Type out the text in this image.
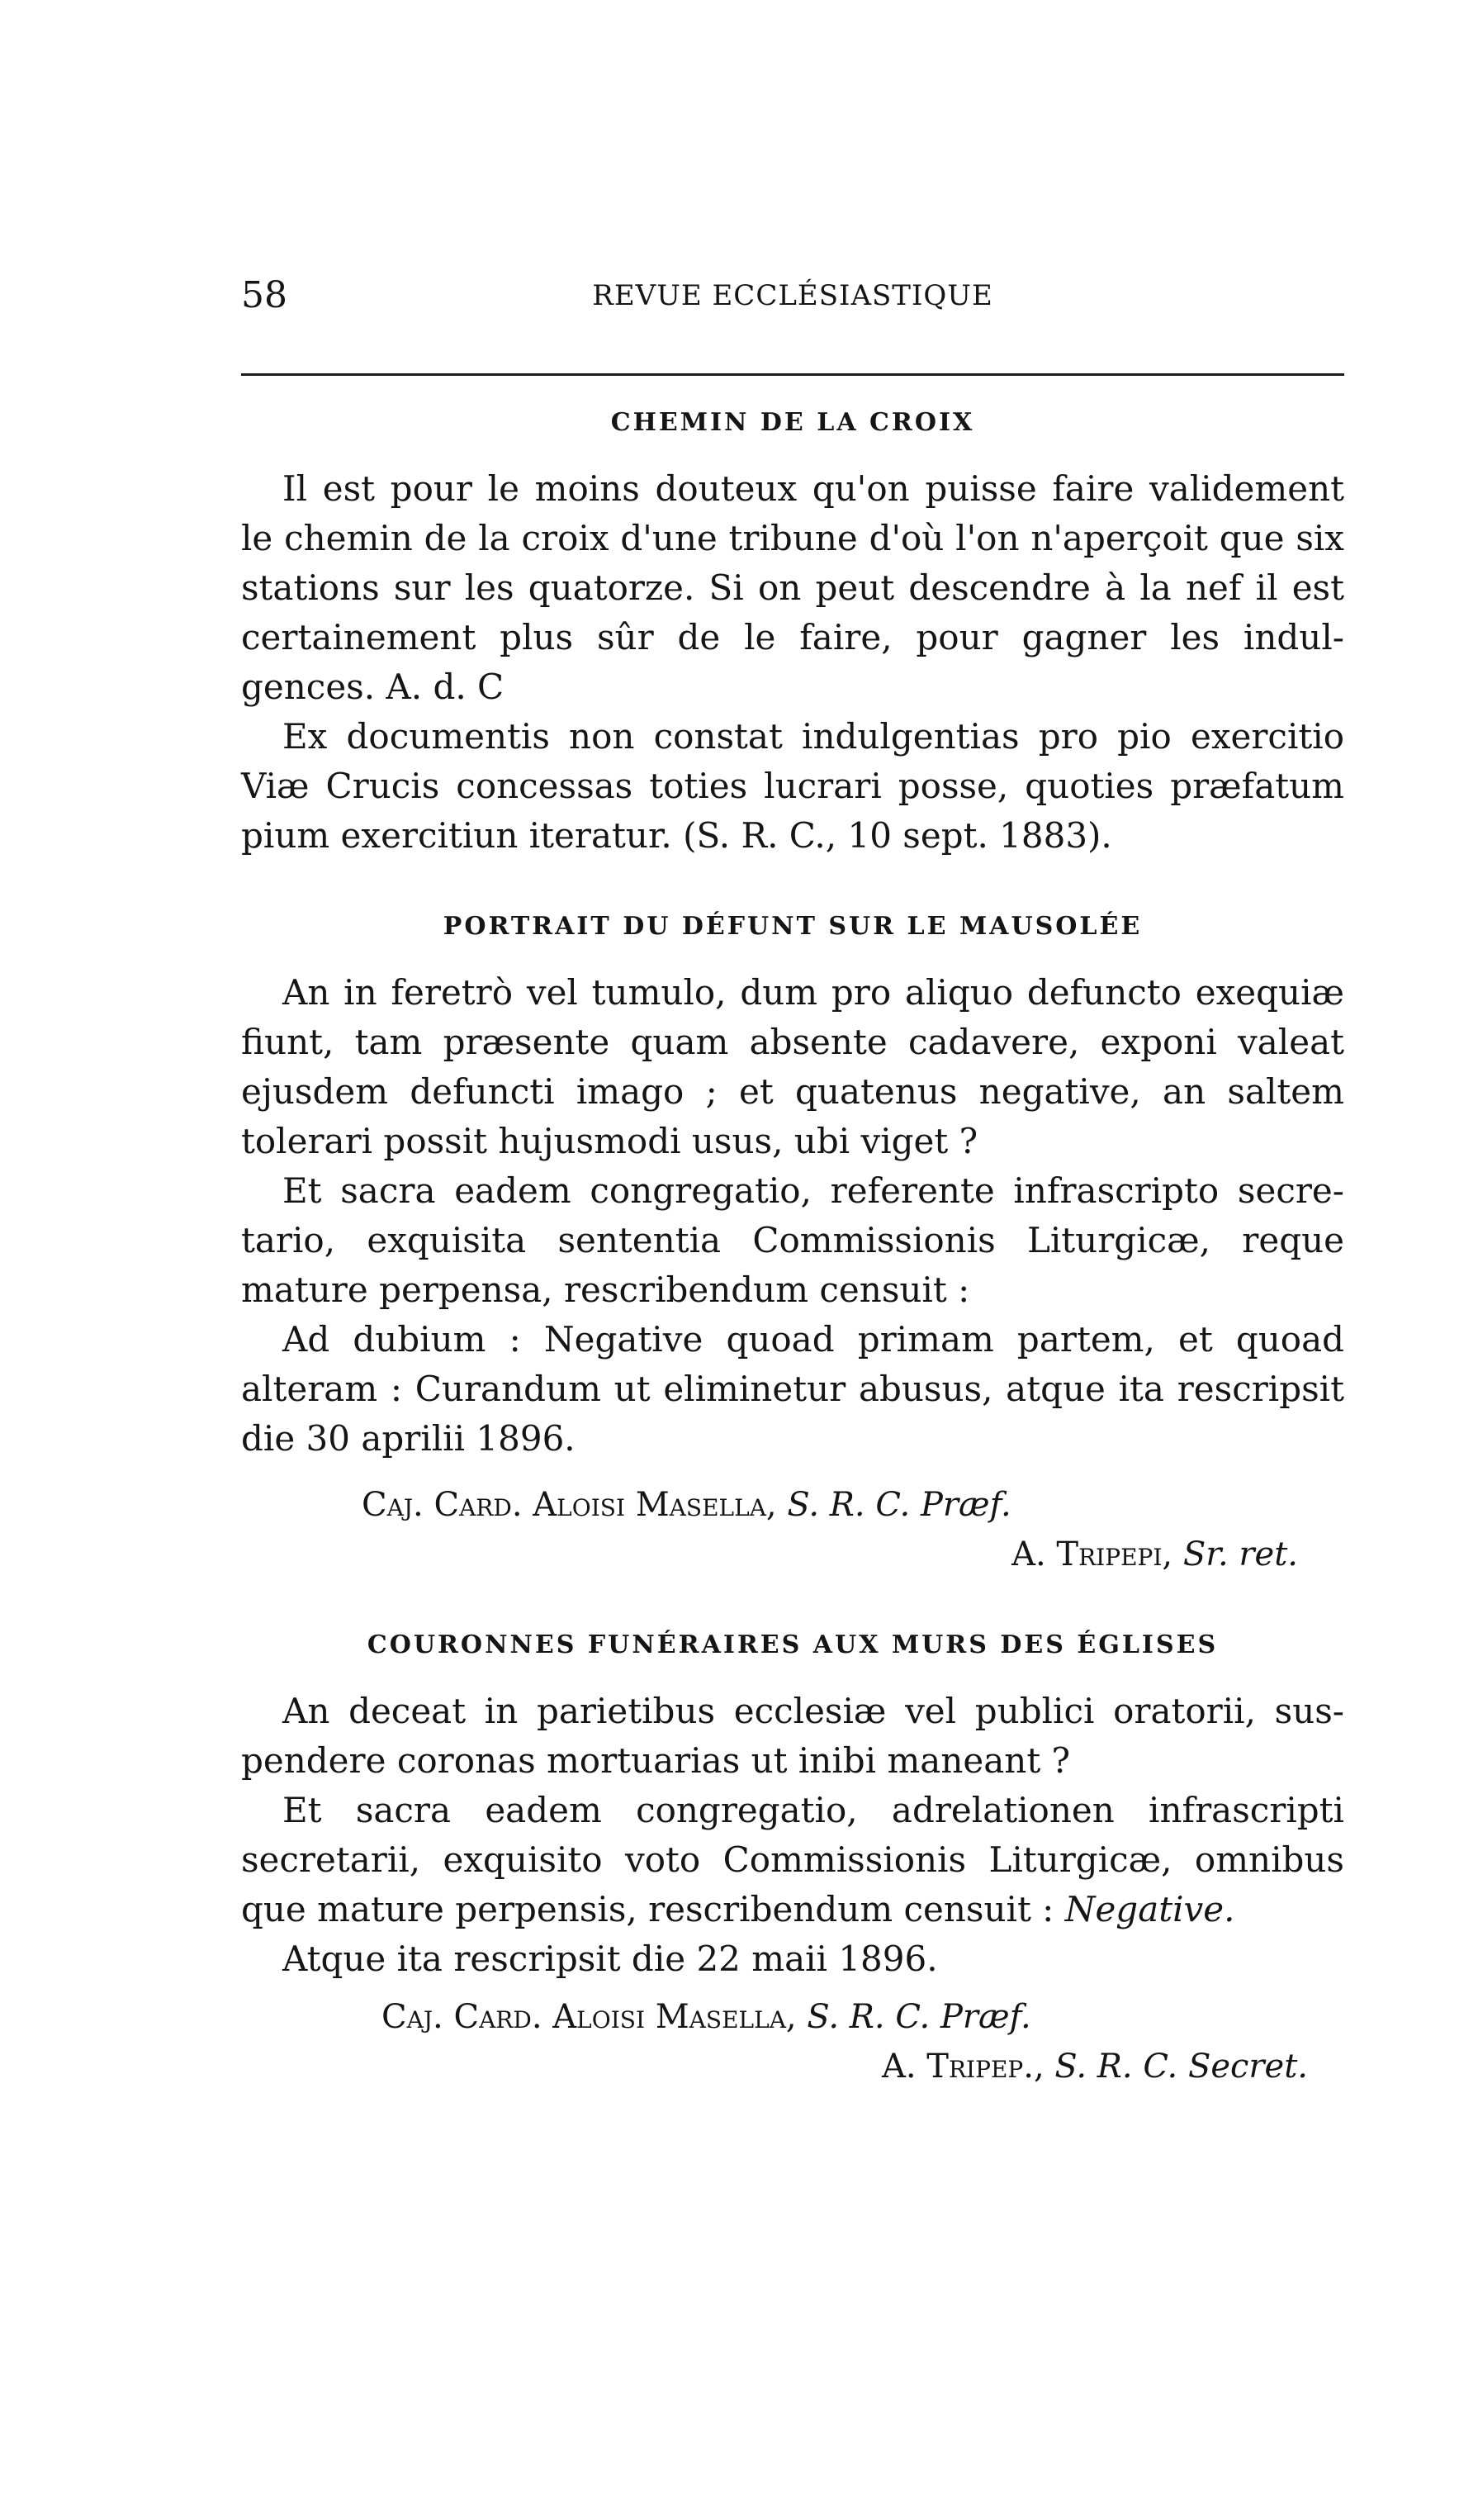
58	REVUE ECCLÉSIASTIQUE
CHEMIN DE LA CROIX

Il est pour le moins douteux qu'on puisse faire validement le chemin de la croix d'une tribune d'où l'on n'aperçoit que six stations sur les quatorze. Si on peut descendre à la nef il est certainement plus sûr de le faire, pour gagner les indulgences. A. d. C

Ex documentis non constat indulgentias pro pio exercitio Viæ Crucis concessas toties lucrari posse, quoties præfatum pium exercitiun iteratur. (S. R. C., 10 sept. 1883).

PORTRAIT DU DÉFUNT SUR LE MAUSOLÉE

An in feretrò vel tumulo, dum pro aliquo defuncto exequiæ fiunt, tam præsente quam absente cadavere, exponi valeat ejusdem defuncti imago ; et quatenus negative, an saltem tolerari possit hujusmodi usus, ubi viget ?

Et sacra eadem congregatio, referente infrascripto secretario, exquisita sententia Commissionis Liturgicæ, reque mature perpensa, rescribendum censuit :

Ad dubium : Negative quoad primam partem, et quoad alteram : Curandum ut eliminetur abusus, atque ita rescripsit die 30 aprilii 1896.

Caj. Card. Aloisi Masella, S. R. C. Præf.
A. Tripepi, Sr. ret.
COURONNES FUNÉRAIRES AUX MURS DES ÉGLISES

An deceat in parietibus ecclesiæ vel publici oratorii, suspendere coronas mortuarias ut inibi maneant ?

Et sacra eadem congregatio, adrelationen infrascripti secretarii, exquisito voto Commissionis Liturgicæ, omnibus que mature perpensis, rescribendum censuit : Negative.

Atque ita rescripsit die 22 maii 1896.

Caj. Card. Aloisi Masella, S. R. C. Præf.
A. Tripep., S. R. C. Secret.
